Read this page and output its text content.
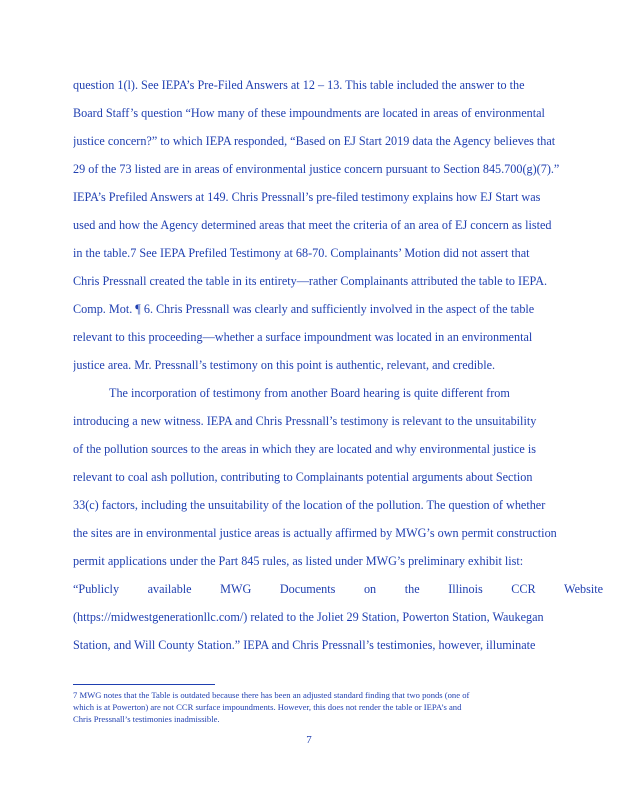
question 1(l). See IEPA’s Pre-Filed Answers at 12 – 13. This table included the answer to the
Board Staff’s question “How many of these impoundments are located in areas of environmental
justice concern?” to which IEPA responded, “Based on EJ Start 2019 data the Agency believes that
29 of the 73 listed are in areas of environmental justice concern pursuant to Section 845.700(g)(7).”
IEPA’s Prefiled Answers at 149. Chris Pressnall’s pre-filed testimony explains how EJ Start was
used and how the Agency determined areas that meet the criteria of an area of EJ concern as listed
in the table.7 See IEPA Prefiled Testimony at 68-70. Complainants’ Motion did not assert that
Chris Pressnall created the table in its entirety—rather Complainants attributed the table to IEPA.
Comp. Mot. ¶ 6. Chris Pressnall was clearly and sufficiently involved in the aspect of the table
relevant to this proceeding—whether a surface impoundment was located in an environmental
justice area. Mr. Pressnall’s testimony on this point is authentic, relevant, and credible.
The incorporation of testimony from another Board hearing is quite different from
introducing a new witness. IEPA and Chris Pressnall’s testimony is relevant to the unsuitability
of the pollution sources to the areas in which they are located and why environmental justice is
relevant to coal ash pollution, contributing to Complainants potential arguments about Section
33(c) factors, including the unsuitability of the location of the pollution. The question of whether
the sites are in environmental justice areas is actually affirmed by MWG’s own permit construction
permit applications under the Part 845 rules, as listed under MWG’s preliminary exhibit list:
“Publicly available MWG Documents on the Illinois CCR Website
(https://midwestgenerationllc.com/) related to the Joliet 29 Station, Powerton Station, Waukegan
Station, and Will County Station.” IEPA and Chris Pressnall’s testimonies, however, illuminate
7 MWG notes that the Table is outdated because there has been an adjusted standard finding that two ponds (one of
which is at Powerton) are not CCR surface impoundments. However, this does not render the table or IEPA’s and
Chris Pressnall’s testimonies inadmissible.
7
